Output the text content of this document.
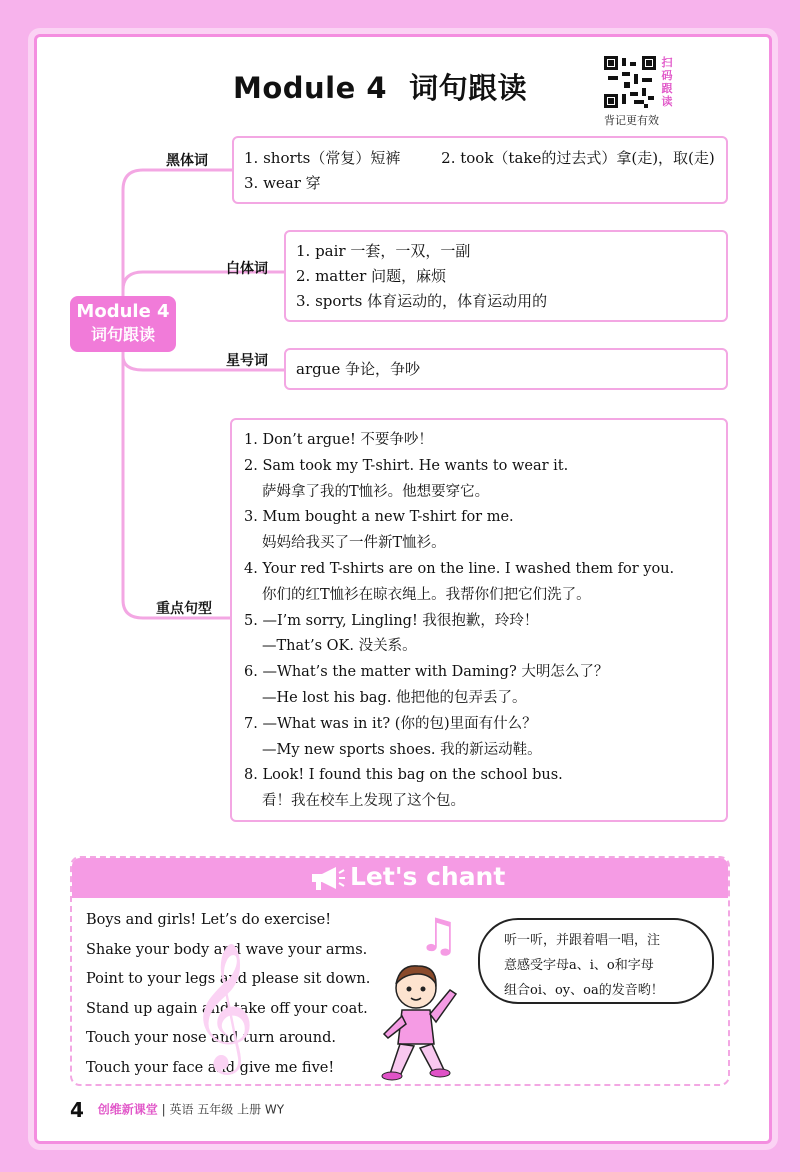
Module 4 词句跟读
扫码跟读
背记更有效
Module 4
词句跟读
黑体词	1. shorts（常复）短裤	2. took（take的过去式）拿(走)，取(走)
3. wear 穿
白体词
1. pair 一套，一双，一副
2. matter 问题，麻烦
3. sports 体育运动的，体育运动用的
星号词	argue 争论，争吵
重点句型
1. Don’t argue! 不要争吵！
2. Sam took my T-shirt. He wants to wear it.
萨姆拿了我的T恤衫。他想要穿它。
3. Mum bought a new T-shirt for me.
妈妈给我买了一件新T恤衫。
4. Your red T-shirts are on the line. I washed them for you.
你们的红T恤衫在晾衣绳上。我帮你们把它们洗了。
5. —I’m sorry, Lingling! 我很抱歉，玲玲！
—That’s OK. 没关系。
6. —What’s the matter with Daming? 大明怎么了？
—He lost his bag. 他把他的包弄丢了。
7. —What was in it? (你的包)里面有什么？
—My new sports shoes. 我的新运动鞋。
8. Look! I found this bag on the school bus.
看！我在校车上发现了这个包。
Let's chant
Boys and girls! Let’s do exercise!
Shake your body and wave your arms.
Point to your legs and please sit down.
Stand up again and take off your coat.
Touch your nose and turn around.
Touch your face and give me five!
𝄞
♫	听一听，并跟着唱一唱，注
意感受字母a、i、o和字母
组合oi、oy、oa的发音哟！
4 创维新课堂 | 英语 五年级 上册 WY
